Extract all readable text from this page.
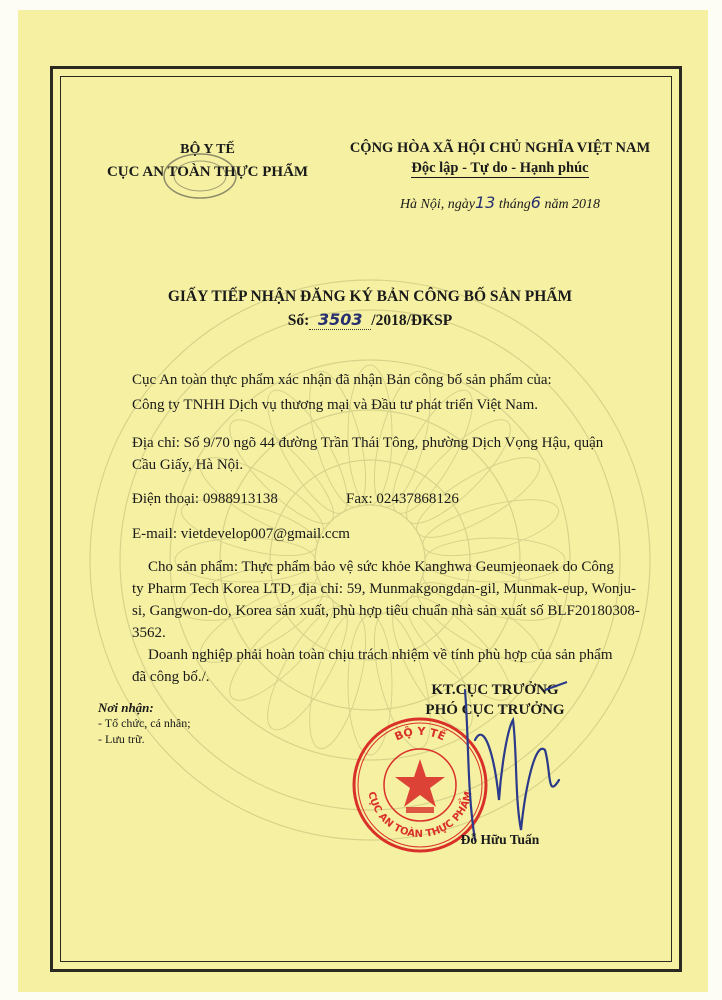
BỘ Y TẾ
CỤC AN TOÀN THỰC PHẨM
CỘNG HÒA XÃ HỘI CHỦ NGHĨA VIỆT NAM
Độc lập - Tự do - Hạnh phúc
Hà Nội, ngày13 tháng6 năm 2018
GIẤY TIẾP NHẬN ĐĂNG KÝ BẢN CÔNG BỐ SẢN PHẨM
Số: 3503 /2018/ĐKSP
Cục An toàn thực phẩm xác nhận đã nhận Bản công bố sản phẩm của:
Công ty TNHH Dịch vụ thương mại và Đầu tư phát triển Việt Nam.
Địa chỉ: Số 9/70 ngõ 44 đường Trần Thái Tông, phường Dịch Vọng Hậu, quận
Cầu Giấy, Hà Nội.
Điện thoại: 0988913138	Fax: 02437868126
E-mail: vietdevelop007@gmail.ccm
Cho sản phẩm: Thực phẩm bảo vệ sức khỏe Kanghwa Geumjeonaek do Công
ty Pharm Tech Korea LTD, địa chỉ: 59, Munmakgongdan-gil, Munmak-eup, Wonju-
si, Gangwon-do, Korea sản xuất, phù hợp tiêu chuẩn nhà sản xuất số BLF20180308-
3562.
Doanh nghiệp phải hoàn toàn chịu trách nhiệm về tính phù hợp của sản phẩm
đã công bố./.
Nơi nhận:
- Tổ chức, cá nhân;
- Lưu trữ.
KT.CỤC TRƯỞNG
PHÓ CỤC TRƯỞNG
BỘ Y TẾ
CỤC AN TOÀN THỰC PHẨM
Đỗ Hữu Tuấn
